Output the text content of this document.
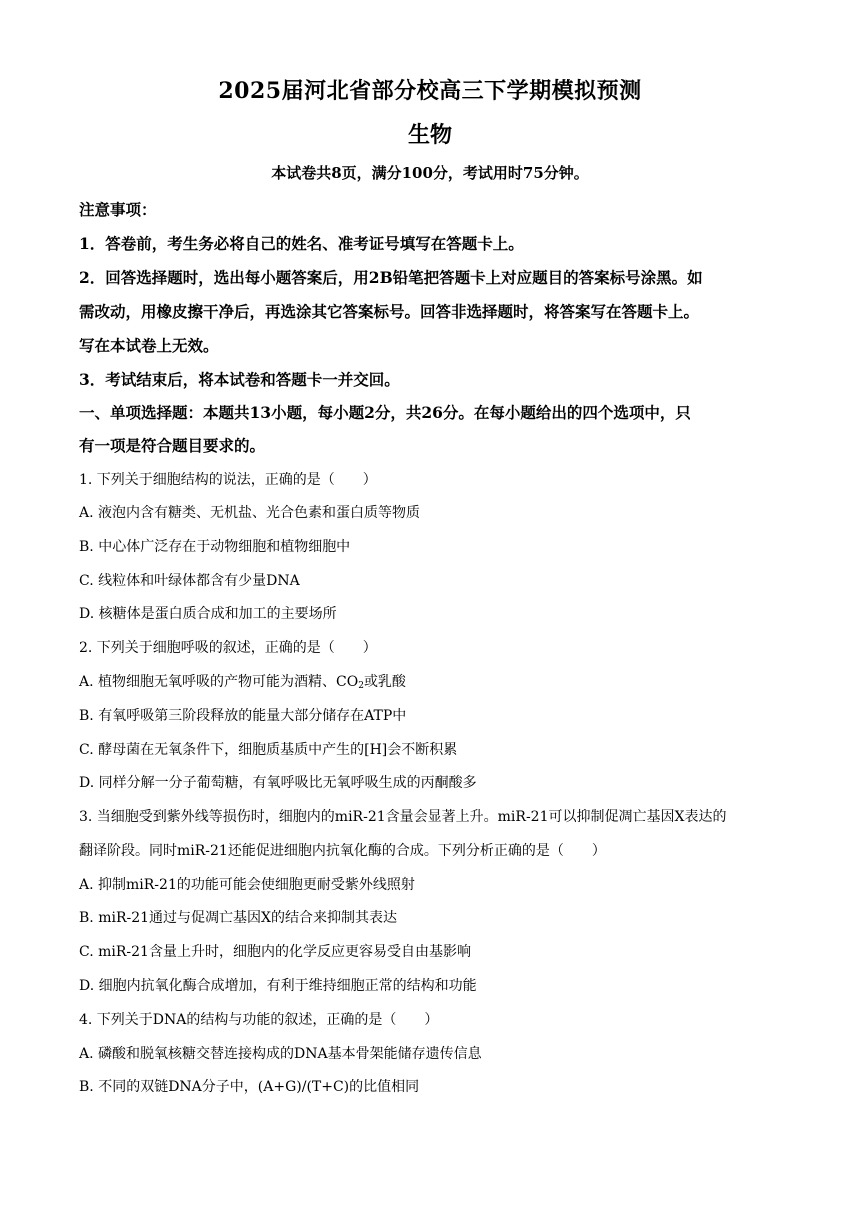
2025届河北省部分校高三下学期模拟预测
生物
本试卷共8页，满分100分，考试用时75分钟。
注意事项：
1．答卷前，考生务必将自己的姓名、准考证号填写在答题卡上。
2．回答选择题时，选出每小题答案后，用2B铅笔把答题卡上对应题目的答案标号涂黑。如
需改动，用橡皮擦干净后，再选涂其它答案标号。回答非选择题时，将答案写在答题卡上。
写在本试卷上无效。
3．考试结束后，将本试卷和答题卡一并交回。
一、单项选择题：本题共13小题，每小题2分，共26分。在每小题给出的四个选项中，只
有一项是符合题目要求的。
1. 下列关于细胞结构的说法，正确的是（　　）
A. 液泡内含有糖类、无机盐、光合色素和蛋白质等物质
B. 中心体广泛存在于动物细胞和植物细胞中
C. 线粒体和叶绿体都含有少量DNA
D. 核糖体是蛋白质合成和加工的主要场所
2. 下列关于细胞呼吸的叙述，正确的是（　　）
A. 植物细胞无氧呼吸的产物可能为酒精、$CO_2$或乳酸
B. 有氧呼吸第三阶段释放的能量大部分储存在ATP中
C. 酵母菌在无氧条件下，细胞质基质中产生的[H]会不断积累
D. 同样分解一分子葡萄糖，有氧呼吸比无氧呼吸生成的丙酮酸多
3. 当细胞受到紫外线等损伤时，细胞内的miR-21含量会显著上升。miR-21可以抑制促凋亡基因X表达的
翻译阶段。同时miR-21还能促进细胞内抗氧化酶的合成。下列分析正确的是（　　）
A. 抑制miR-21的功能可能会使细胞更耐受紫外线照射
B. miR-21通过与促凋亡基因X的结合来抑制其表达
C. miR-21含量上升时，细胞内的化学反应更容易受自由基影响
D. 细胞内抗氧化酶合成增加，有利于维持细胞正常的结构和功能
4. 下列关于DNA的结构与功能的叙述，正确的是（　　）
A. 磷酸和脱氧核糖交替连接构成的DNA基本骨架能储存遗传信息
B. 不同的双链DNA分子中，(A+G)/(T+C)的比值相同
